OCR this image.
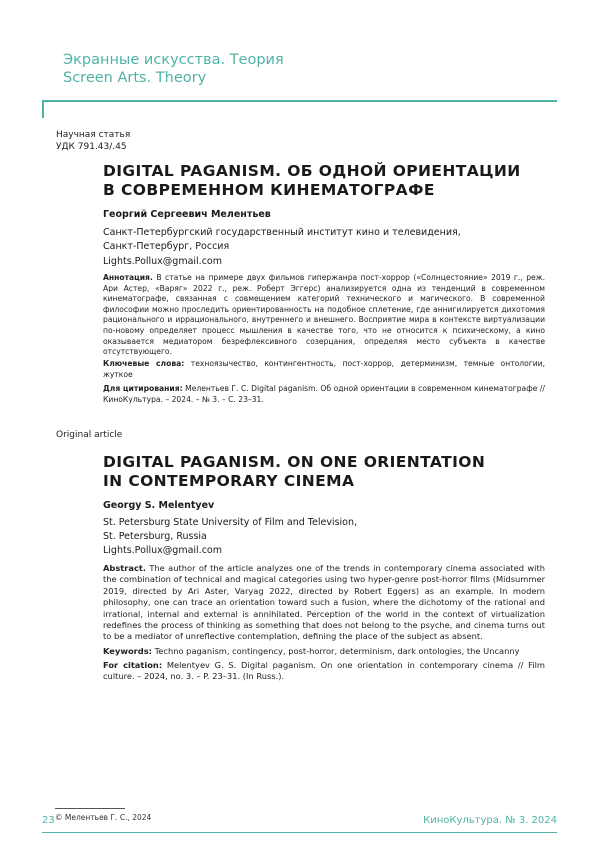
Экранные искусства. Теория
Screen Arts. Theory
Научная статья
УДК 791.43/.45
DIGITAL PAGANISM. ОБ ОДНОЙ ОРИЕНТАЦИИ
В СОВРЕМЕННОМ КИНЕМАТОГРАФЕ
Георгий Сергеевич Мелентьев
Санкт-Петербургский государственный институт кино и телевидения,
Санкт-Петербург, Россия
Lights.Pollux@gmail.com
Аннотация. В статье на примере двух фильмов гипержанра пост-хоррор («Солнцестояние» 2019 г., реж. Ари Астер, «Варяг» 2022 г., реж. Роберт Эггерс) анализируется одна из тенденций в современном кинематографе, связанная с совмещением категорий технического и магического. В современной философии можно проследить ориентированность на подобное сплетение, где аннигилируется дихотомия рационального и иррационального, внутреннего и внешнего. Восприятие мира в контексте виртуализации по-новому определяет процесс мышления в качестве того, что не относится к психическому, а кино оказывается медиатором безрефлексивного созерцания, определяя место субъекта в качестве отсутствующего.
Ключевые слова: техноязычество, контингентность, пост-хоррор, детерминизм, темные онтологии, жуткое
Для цитирования: Мелентьев Г. С. Digital paganism. Об одной ориентации в современном кинематографе // КиноКультура. – 2024. – № 3. – С. 23–31.
Original article
DIGITAL PAGANISM. ON ONE ORIENTATION
IN CONTEMPORARY CINEMA
Georgy S. Melentyev
St. Petersburg State University of Film and Television,
St. Petersburg, Russia
Lights.Pollux@gmail.com
Abstract. The author of the article analyzes one of the trends in contemporary cinema associated with the combination of technical and magical categories using two hyper-genre post-horror films (Midsummer 2019, directed by Ari Aster, Varyag 2022, directed by Robert Eggers) as an example. In modern philosophy, one can trace an orientation toward such a fusion, where the dichotomy of the rational and irrational, internal and external is annihilated. Perception of the world in the context of virtualization redefines the process of thinking as something that does not belong to the psyche, and cinema turns out to be a mediator of unreflective contemplation, defining the place of the subject as absent.
Keywords: Techno paganism, contingency, post-horror, determinism, dark ontologies, the Uncanny
For citation: Melentyev G. S. Digital paganism. On one orientation in contemporary cinema // Film culture. – 2024, no. 3. – P. 23–31. (In Russ.).
© Мелентьев Г. С., 2024
23	КиноКультура. № 3. 2024
